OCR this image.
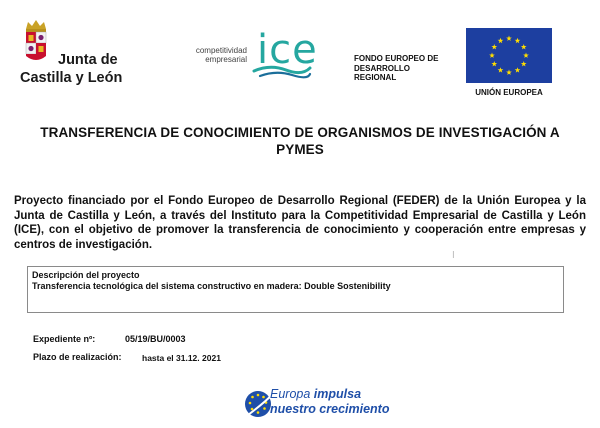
Junta de
Castilla y León
competitividad
empresarial ice	FONDO EUROPEO DE
DESARROLLO
REGIONAL
UNIÓN EUROPEA
TRANSFERENCIA DE CONOCIMIENTO DE ORGANISMOS DE INVESTIGACIÓN A
PYMES
Proyecto financiado por el Fondo Europeo de Desarrollo Regional (FEDER) de la Unión Europea y la Junta de Castilla y León, a través del Instituto para la Competitividad Empresarial de Castilla y León (ICE), con el objetivo de promover la transferencia de conocimiento y cooperación entre empresas y centros de investigación.
I
Descripción del proyecto
Transferencia tecnológica del sistema constructivo en madera: Double Sostenibility
Expediente nº:	05/19/BU/0003
Plazo de realización: hasta el 31.12. 2021
Europa impulsa
nuestro crecimiento
